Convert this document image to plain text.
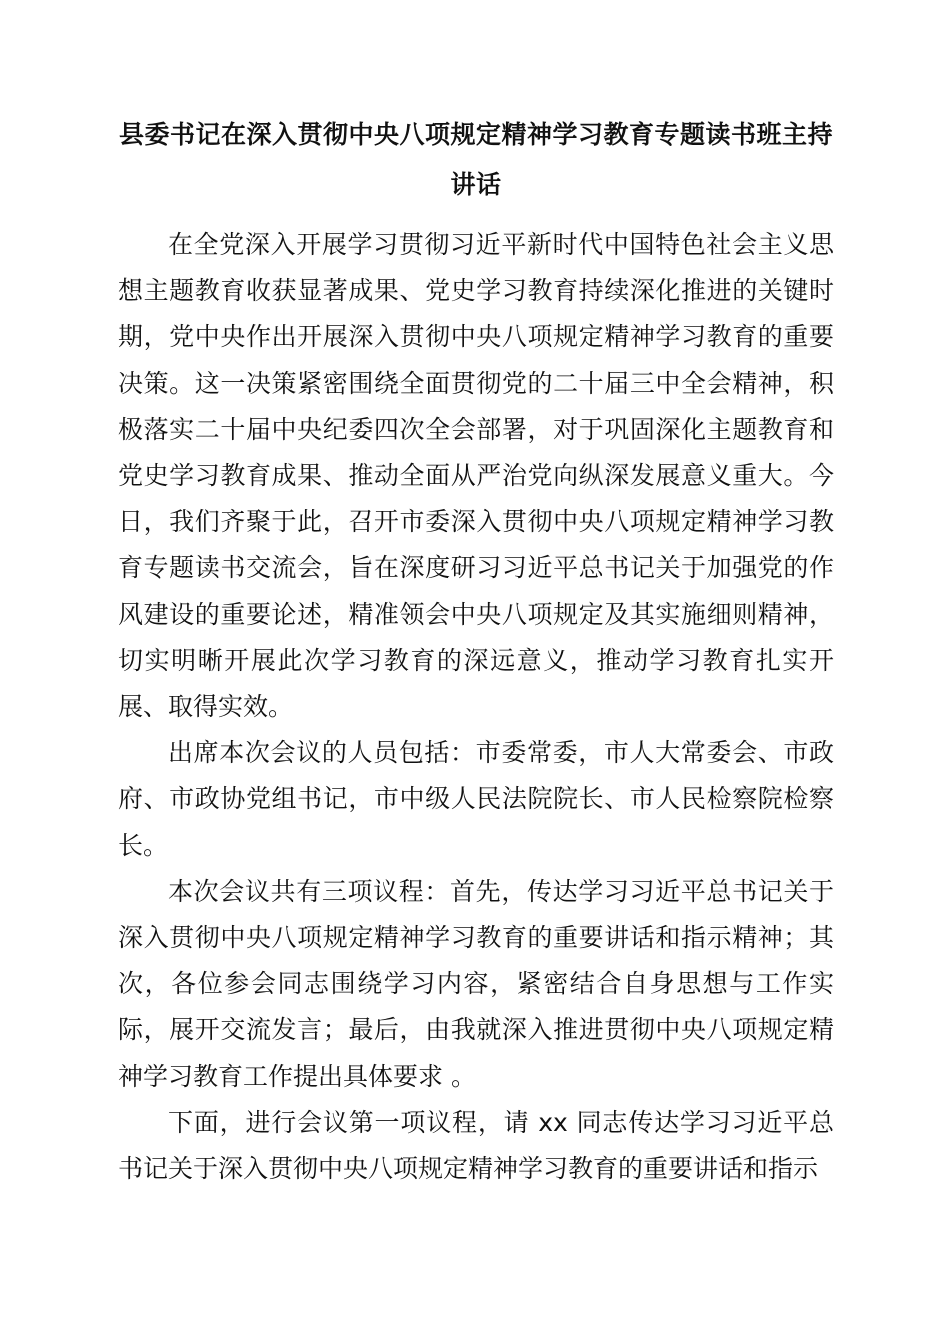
县委书记在深入贯彻中央八项规定精神学习教育专题读书班主持讲话

在全党深入开展学习贯彻习近平新时代中国特色社会主义思想主题教育收获显著成果、党史学习教育持续深化推进的关键时期，党中央作出开展深入贯彻中央八项规定精神学习教育的重要决策。这一决策紧密围绕全面贯彻党的二十届三中全会精神，积极落实二十届中央纪委四次全会部署，对于巩固深化主题教育和党史学习教育成果、推动全面从严治党向纵深发展意义重大。今日，我们齐聚于此，召开市委深入贯彻中央八项规定精神学习教育专题读书交流会，旨在深度研习习近平总书记关于加强党的作风建设的重要论述，精准领会中央八项规定及其实施细则精神，切实明晰开展此次学习教育的深远意义，推动学习教育扎实开展、取得实效。

出席本次会议的人员包括：市委常委，市人大常委会、市政府、市政协党组书记，市中级人民法院院长、市人民检察院检察长。

本次会议共有三项议程：首先，传达学习习近平总书记关于深入贯彻中央八项规定精神学习教育的重要讲话和指示精神；其次，各位参会同志围绕学习内容，紧密结合自身思想与工作实际，展开交流发言；最后，由我就深入推进贯彻中央八项规定精神学习教育工作提出具体要求 。

下面，进行会议第一项议程，请 xx 同志传达学习习近平总书记关于深入贯彻中央八项规定精神学习教育的重要讲话和指示
